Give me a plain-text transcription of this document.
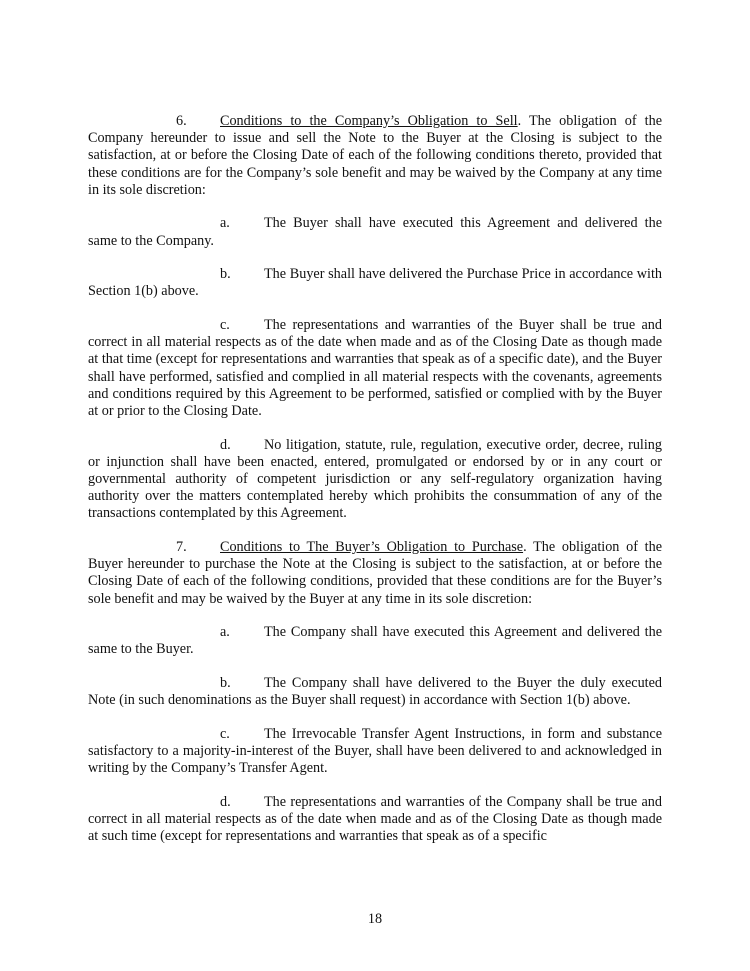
6. Conditions to the Company’s Obligation to Sell. The obligation of the Company hereunder to issue and sell the Note to the Buyer at the Closing is subject to the satisfaction, at or before the Closing Date of each of the following conditions thereto, provided that these conditions are for the Company’s sole benefit and may be waived by the Company at any time in its sole discretion:

a. The Buyer shall have executed this Agreement and delivered the same to the Company.

b. The Buyer shall have delivered the Purchase Price in accordance with Section 1(b) above.

c. The representations and warranties of the Buyer shall be true and correct in all material respects as of the date when made and as of the Closing Date as though made at that time (except for representations and warranties that speak as of a specific date), and the Buyer shall have performed, satisfied and complied in all material respects with the covenants, agreements and conditions required by this Agreement to be performed, satisfied or complied with by the Buyer at or prior to the Closing Date.

d. No litigation, statute, rule, regulation, executive order, decree, ruling or injunction shall have been enacted, entered, promulgated or endorsed by or in any court or governmental authority of competent jurisdiction or any self-regulatory organization having authority over the matters contemplated hereby which prohibits the consummation of any of the transactions contemplated by this Agreement.

7. Conditions to The Buyer’s Obligation to Purchase. The obligation of the Buyer hereunder to purchase the Note at the Closing is subject to the satisfaction, at or before the Closing Date of each of the following conditions, provided that these conditions are for the Buyer’s sole benefit and may be waived by the Buyer at any time in its sole discretion:

a. The Company shall have executed this Agreement and delivered the same to the Buyer.

b. The Company shall have delivered to the Buyer the duly executed Note (in such denominations as the Buyer shall request) in accordance with Section 1(b) above.

c. The Irrevocable Transfer Agent Instructions, in form and substance satisfactory to a majority-in-interest of the Buyer, shall have been delivered to and acknowledged in writing by the Company’s Transfer Agent.

d. The representations and warranties of the Company shall be true and correct in all material respects as of the date when made and as of the Closing Date as though made at such time (except for representations and warranties that speak as of a specific

18
